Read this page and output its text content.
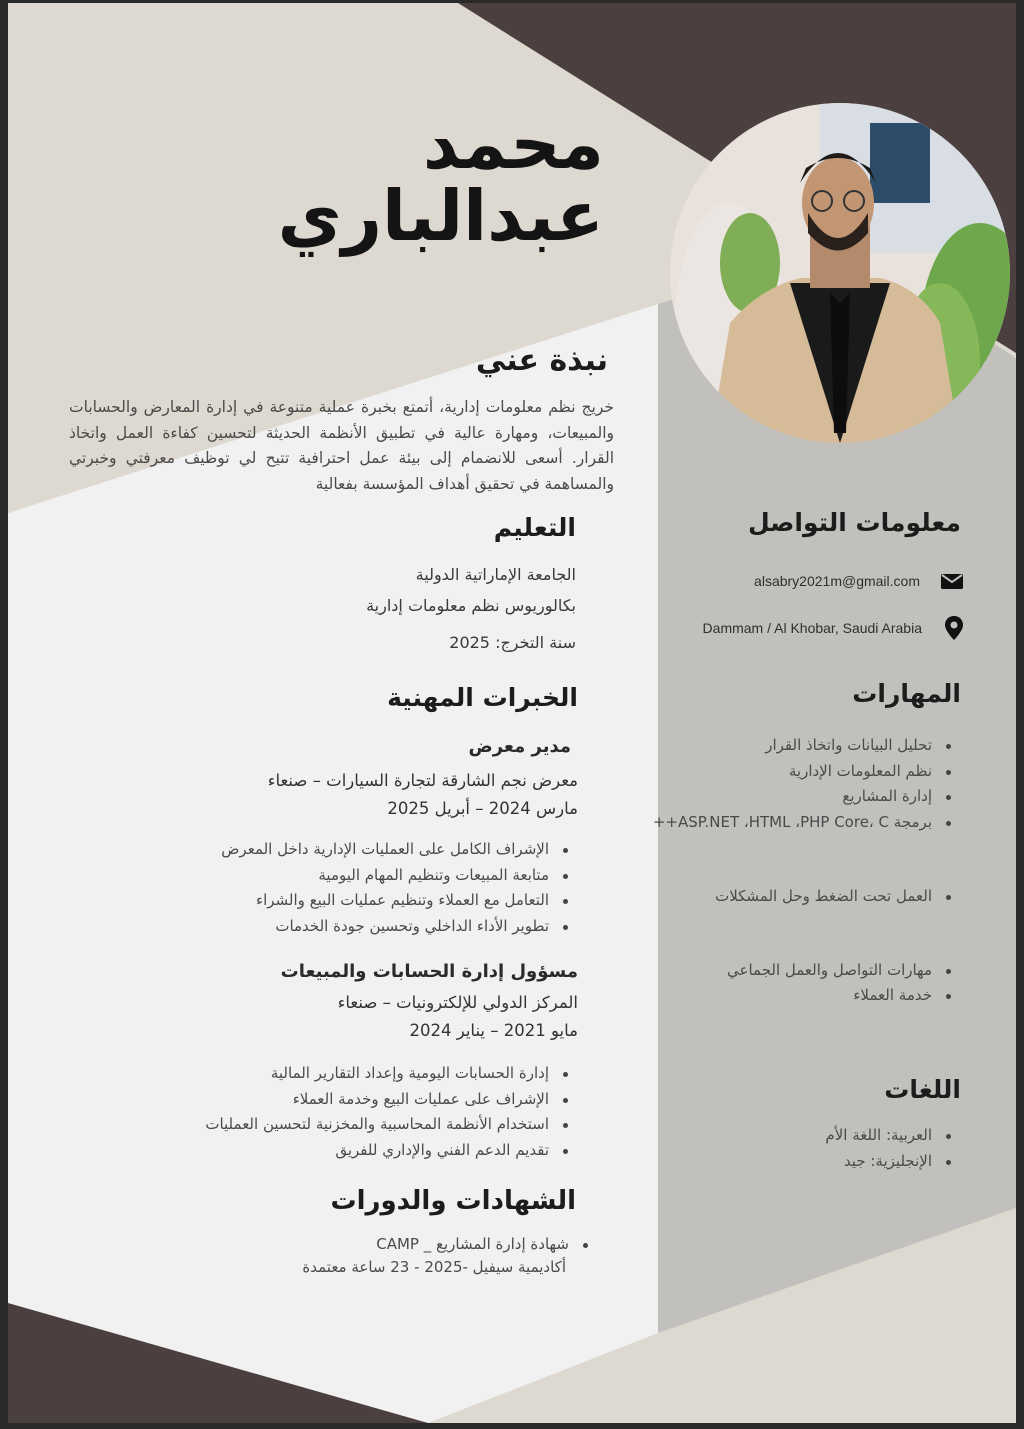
محمد
عبدالباري
نبذة عني
خريج نظم معلومات إدارية، أتمتع بخبرة عملية متنوعة في إدارة المعارض والحسابات والمبيعات، ومهارة عالية في تطبيق الأنظمة الحديثة لتحسين كفاءة العمل واتخاذ القرار. أسعى للانضمام إلى بيئة عمل احترافية تتيح لي توظيف معرفتي وخبرتي والمساهمة في تحقيق أهداف المؤسسة بفعالية
التعليم
الجامعة الإماراتية الدولية
بكالوريوس نظم معلومات إدارية
سنة التخرج: 2025
الخبرات المهنية
مدير معرض
معرض نجم الشارقة لتجارة السيارات – صنعاء
مارس 2024 – أبريل 2025
الإشراف الكامل على العمليات الإدارية داخل المعرض
متابعة المبيعات وتنظيم المهام اليومية
التعامل مع العملاء وتنظيم عمليات البيع والشراء
تطوير الأداء الداخلي وتحسين جودة الخدمات
مسؤول إدارة الحسابات والمبيعات
المركز الدولي للإلكترونيات – صنعاء
مايو 2021 – يناير 2024
إدارة الحسابات اليومية وإعداد التقارير المالية
الإشراف على عمليات البيع وخدمة العملاء
استخدام الأنظمة المحاسبية والمخزنية لتحسين العمليات
تقديم الدعم الفني والإداري للفريق
الشهادات والدورات
شهادة إدارة المشاريع _ CAMP
أكاديمية سيفيل -2025 - 23 ساعة معتمدة
معلومات التواصل
alsabry2021m@gmail.com
Dammam / Al Khobar, Saudi Arabia
المهارات
تحليل البيانات واتخاذ القرار
نظم المعلومات الإدارية
إدارة المشاريع
برمجة ASP.NET ،HTML ،PHP Core، C++
العمل تحت الضغط وحل المشكلات
مهارات التواصل والعمل الجماعي
خدمة العملاء
اللغات
العربية: اللغة الأم
الإنجليزية: جيد
